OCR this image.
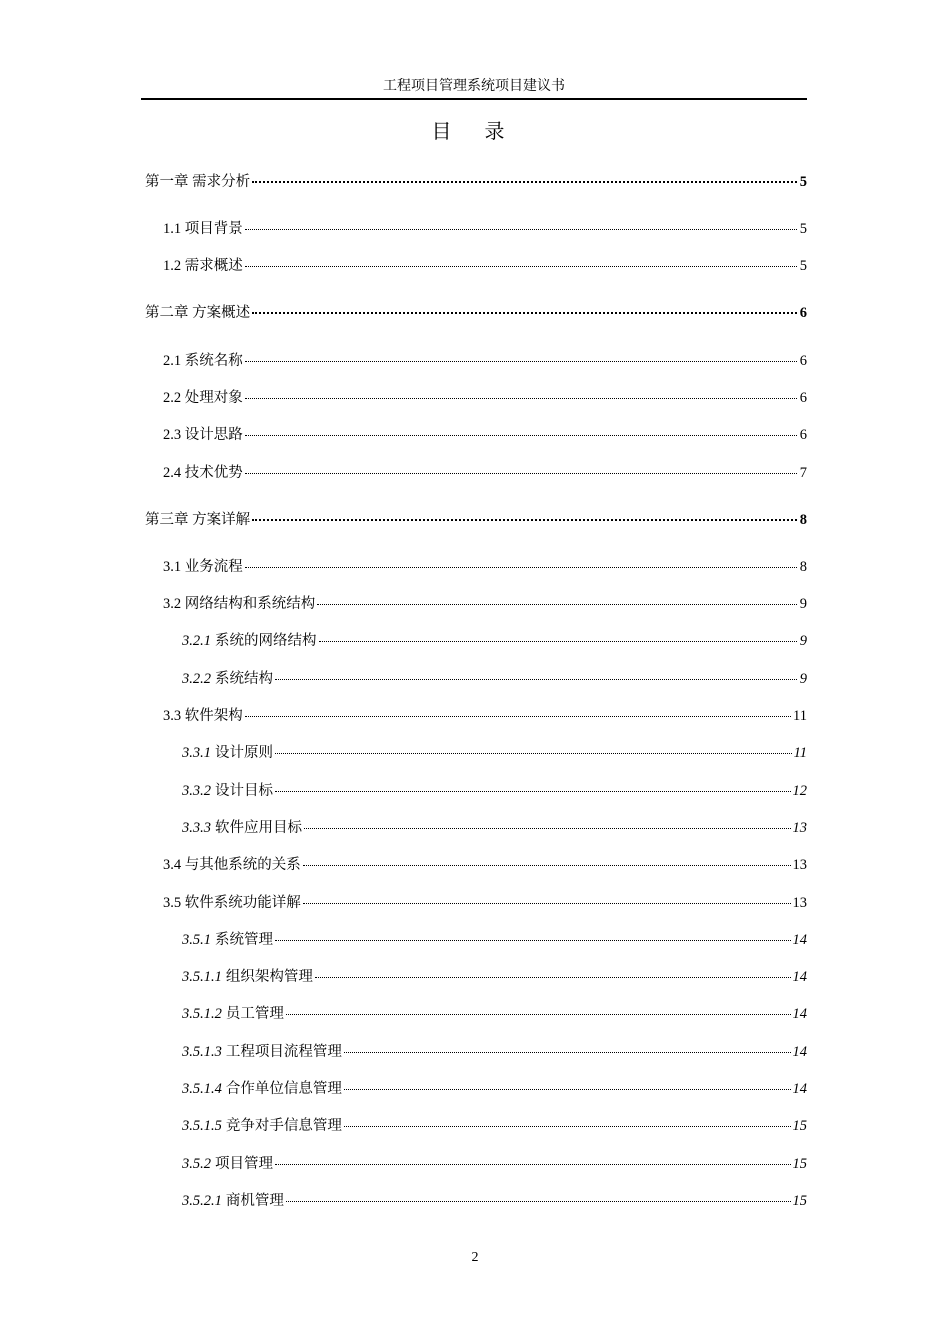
工程项目管理系统项目建议书
目 录
第一章 需求分析	5
1.1 项目背景	5
1.2 需求概述	5
第二章 方案概述	6
2.1 系统名称	6
2.2 处理对象	6
2.3 设计思路	6
2.4 技术优势	7
第三章 方案详解	8
3.1 业务流程	8
3.2 网络结构和系统结构	9
3.2.1 系统的网络结构	9
3.2.2 系统结构	9
3.3 软件架构	11
3.3.1 设计原则	11
3.3.2 设计目标	12
3.3.3 软件应用目标	13
3.4 与其他系统的关系	13
3.5 软件系统功能详解	13
3.5.1 系统管理	14
3.5.1.1 组织架构管理	14
3.5.1.2 员工管理	14
3.5.1.3 工程项目流程管理	14
3.5.1.4 合作单位信息管理	14
3.5.1.5 竞争对手信息管理	15
3.5.2 项目管理	15
3.5.2.1 商机管理	15
2
